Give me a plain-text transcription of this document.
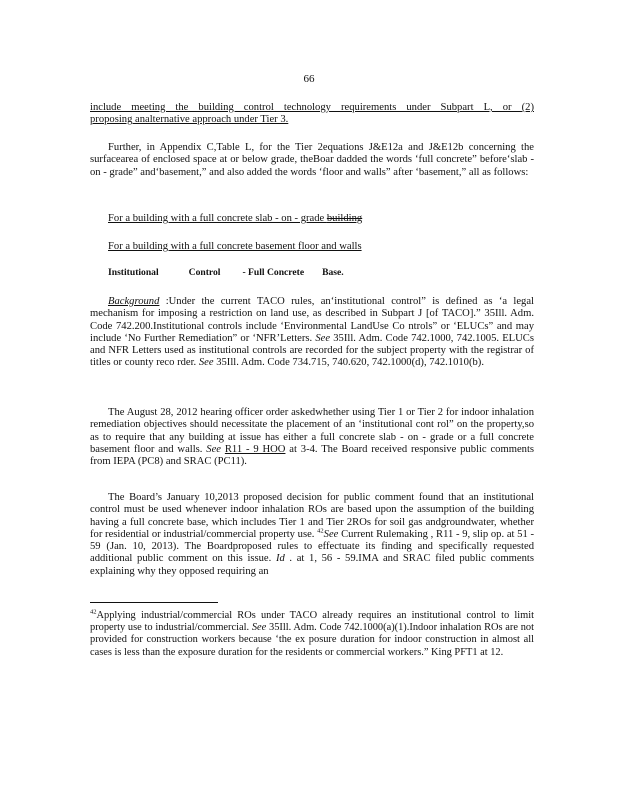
66
include meeting the building control technology requirements under Subpart L, or (2)
proposing analternative approach under Tier 3.

Further, in Appendix C,Table L, for the Tier 2equations J&E12a and J&E12b concerning the surfacearea of enclosed space at or below grade, theBoar dadded the words ‘full concrete” before‘slab - on - grade” and‘basement,” and also added the words ‘floor and walls” after ‘basement,” all as follows:

For a building with a full concrete slab - on - grade building
For a building with a full concrete basement floor and walls
Institutional	Control - Full Concrete Base.

Background :Under the current TACO rules, an‘institutional control” is defined as ‘a legal mechanism for imposing a restriction on land use, as described in Subpart J [of TACO].” 35Ill. Adm. Code 742.200.Institutional controls include ‘Environmental LandUse Co ntrols” or ‘ELUCs” and may include ‘No Further Remediation” or ‘NFR’Letters. See 35Ill. Adm. Code 742.1000, 742.1005. ELUCs and NFR Letters used as institutional controls are recorded for the subject property with the registrar of titles or county reco rder. See 35Ill. Adm. Code 734.715, 740.620, 742.1000(d), 742.1010(b).

The August 28, 2012 hearing officer order askedwhether using Tier 1 or Tier 2 for indoor inhalation remediation objectives should necessitate the placement of an ‘institutional cont rol” on the property,so as to require that any building at issue has either a full concrete slab - on - grade or a full concrete basement floor and walls. See R11 - 9 HOO at 3-4. The Board received responsive public comments from IEPA (PC8) and SRAC (PC11).

The Board’s January 10,2013 proposed decision for public comment found that an institutional control must be used whenever indoor inhalation ROs are based upon the assumption of the building having a full concrete base, which includes Tier 1 and Tier 2ROs for soil gas andgroundwater, whether for residential or industrial/commercial property use. $^{42}$See Current Rulemaking , R11 - 9, slip op. at 51 - 59 (Jan. 10, 2013). The Boardproposed rules to effectuate its finding and specifically requested additional public comment on this issue. Id . at 1, 56 - 59.IMA and SRAC filed public comments explaining why they opposed requiring an

$^{42}$Applying industrial/commercial ROs under TACO already requires an institutional control to limit property use to industrial/commercial. See 35Ill. Adm. Code 742.1000(a)(1).Indoor inhalation ROs are not provided for construction workers because ‘the ex posure duration for indoor construction in almost all cases is less than the exposure duration for the residents or commercial workers.” King PFT1 at 12.
